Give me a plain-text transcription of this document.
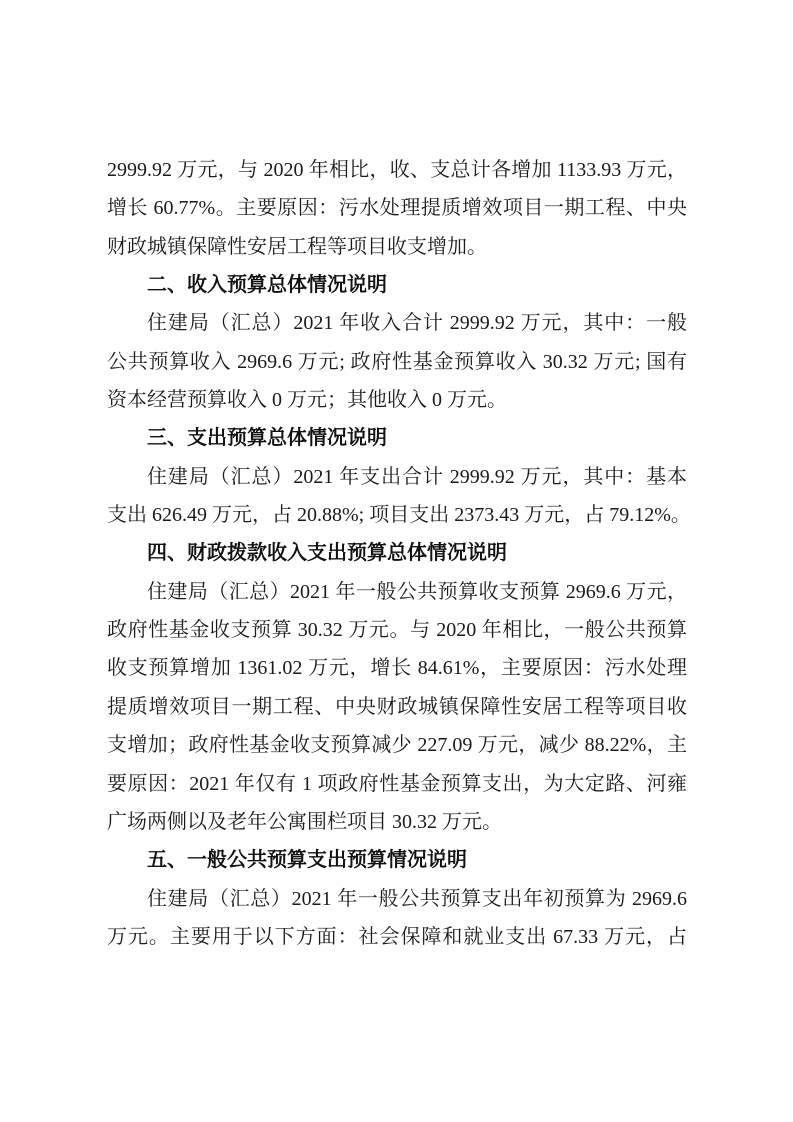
2999.92 万元，与 2020 年相比，收、支总计各增加 1133.93 万元，
增长 60.77%。主要原因：污水处理提质增效项目一期工程、中央
财政城镇保障性安居工程等项目收支增加。
二、收入预算总体情况说明
住建局（汇总）2021 年收入合计 2999.92 万元，其中：一般
公共预算收入 2969.6 万元; 政府性基金预算收入 30.32 万元; 国有
资本经营预算收入 0 万元；其他收入 0 万元。
三、支出预算总体情况说明
住建局（汇总）2021 年支出合计 2999.92 万元，其中：基本
支出 626.49 万元，占 20.88%; 项目支出 2373.43 万元，占 79.12%。
四、财政拨款收入支出预算总体情况说明
住建局（汇总）2021 年一般公共预算收支预算 2969.6 万元，
政府性基金收支预算 30.32 万元。与 2020 年相比，一般公共预算
收支预算增加 1361.02 万元，增长 84.61%，主要原因：污水处理
提质增效项目一期工程、中央财政城镇保障性安居工程等项目收
支增加；政府性基金收支预算减少 227.09 万元，减少 88.22%，主
要原因：2021 年仅有 1 项政府性基金预算支出，为大定路、河雍
广场两侧以及老年公寓围栏项目 30.32 万元。
五、一般公共预算支出预算情况说明
住建局（汇总）2021 年一般公共预算支出年初预算为 2969.6
万元。主要用于以下方面：社会保障和就业支出 67.33 万元，占
